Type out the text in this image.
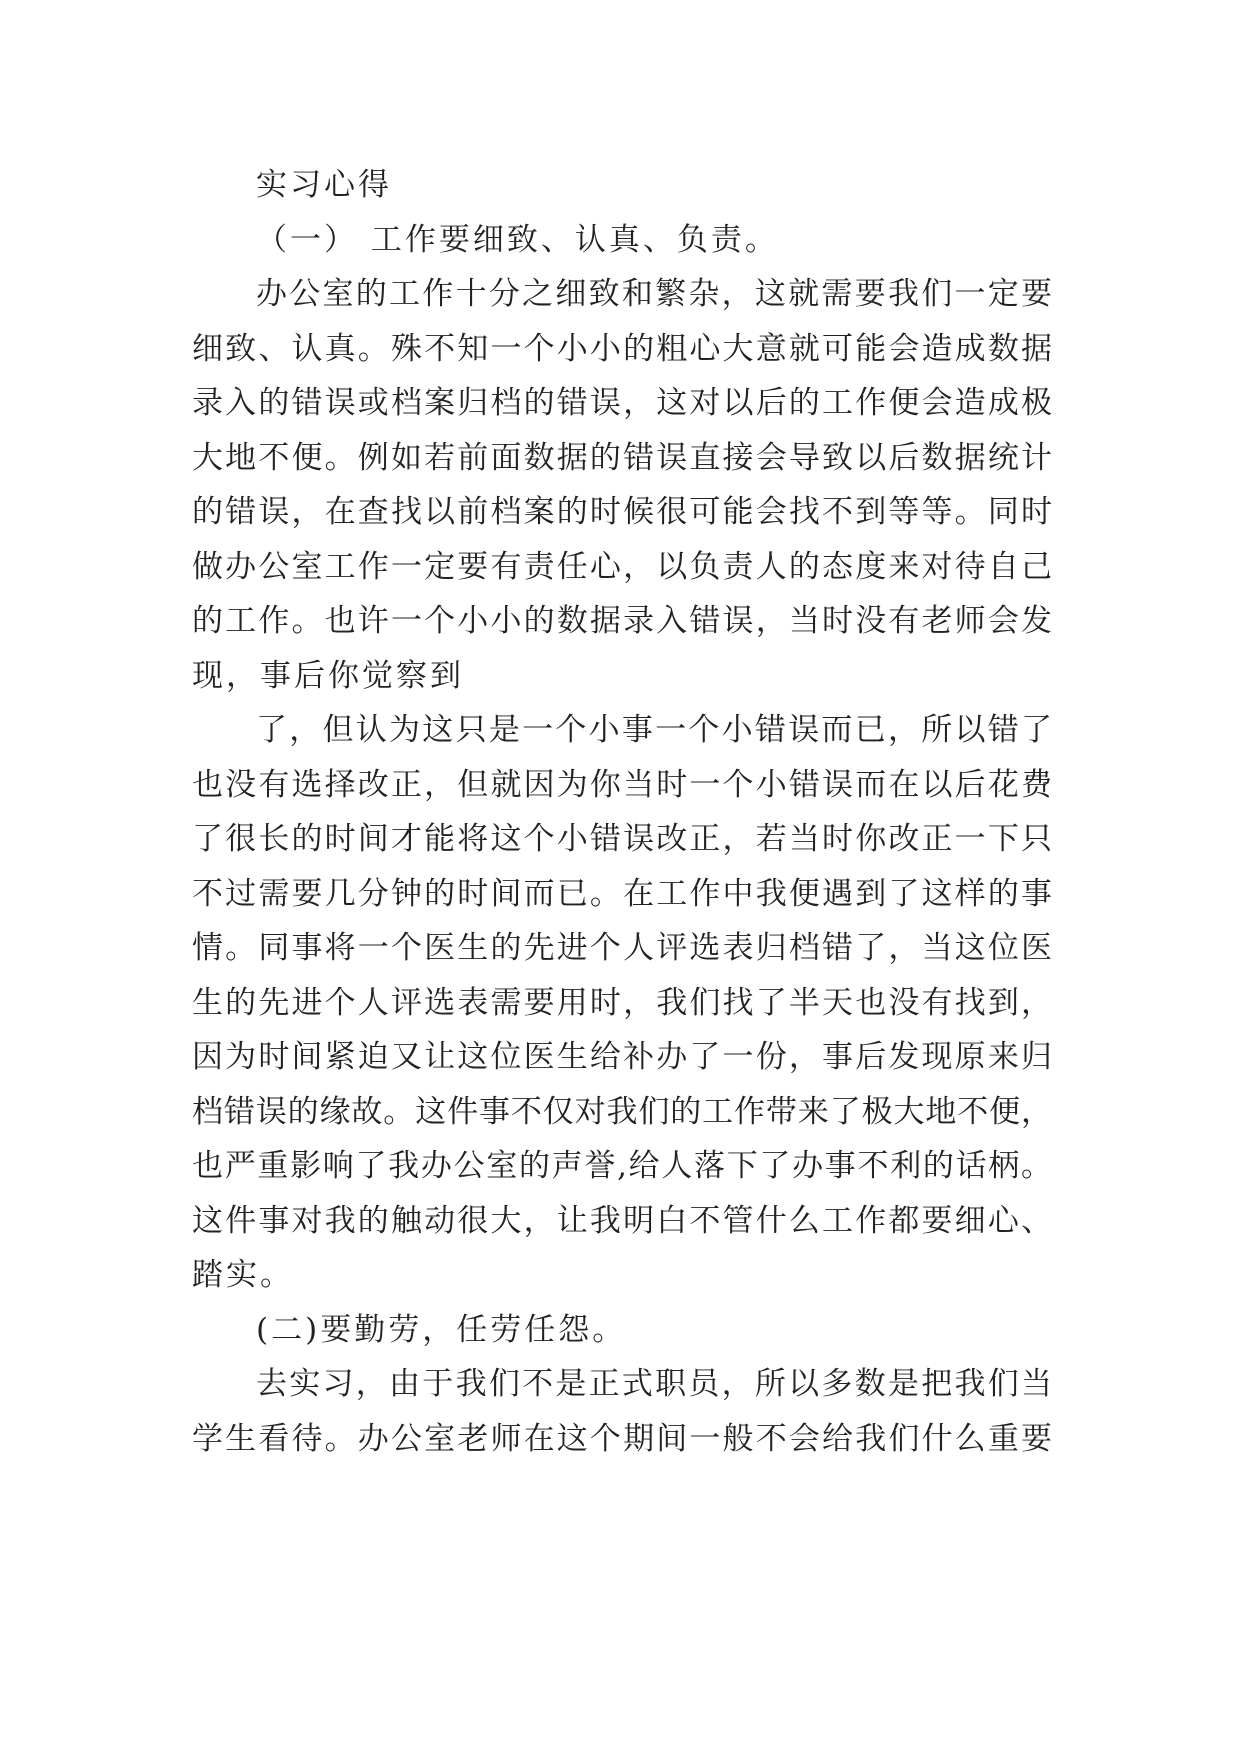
实习心得
（一） 工作要细致、认真、负责。
办公室的工作十分之细致和繁杂，这就需要我们一定要
细致、认真。殊不知一个小小的粗心大意就可能会造成数据
录入的错误或档案归档的错误，这对以后的工作便会造成极
大地不便。例如若前面数据的错误直接会导致以后数据统计
的错误，在查找以前档案的时候很可能会找不到等等。同时
做办公室工作一定要有责任心，以负责人的态度来对待自己
的工作。也许一个小小的数据录入错误，当时没有老师会发
现，事后你觉察到
了，但认为这只是一个小事一个小错误而已，所以错了
也没有选择改正，但就因为你当时一个小错误而在以后花费
了很长的时间才能将这个小错误改正，若当时你改正一下只
不过需要几分钟的时间而已。在工作中我便遇到了这样的事
情。同事将一个医生的先进个人评选表归档错了，当这位医
生的先进个人评选表需要用时，我们找了半天也没有找到，
因为时间紧迫又让这位医生给补办了一份，事后发现原来归
档错误的缘故。这件事不仅对我们的工作带来了极大地不便，
也严重影响了我办公室的声誉,给人落下了办事不利的话柄。
这件事对我的触动很大，让我明白不管什么工作都要细心、
踏实。
(二)要勤劳，任劳任怨。
去实习，由于我们不是正式职员，所以多数是把我们当
学生看待。办公室老师在这个期间一般不会给我们什么重要
